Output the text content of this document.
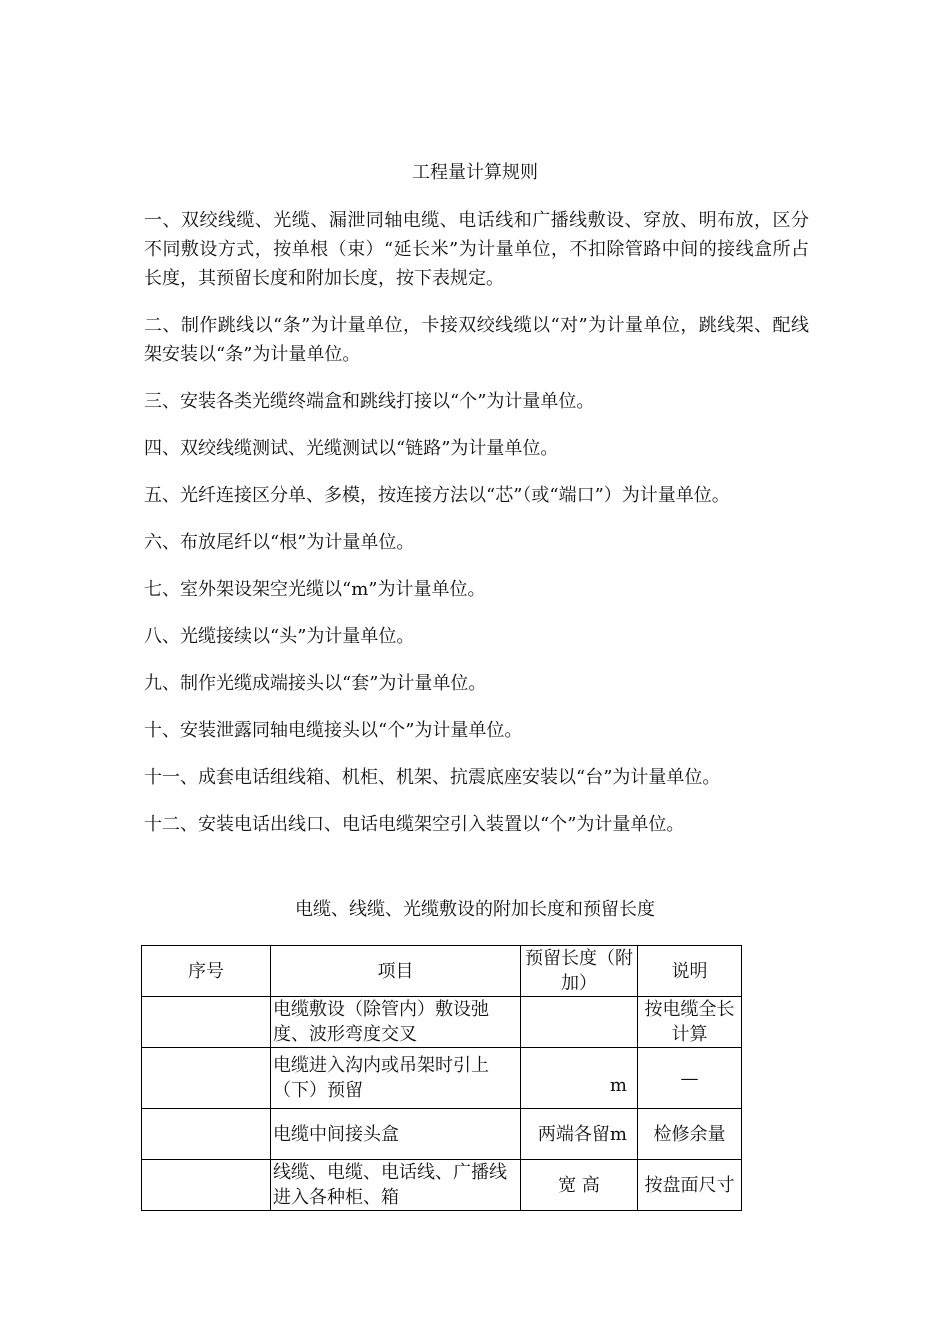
工程量计算规则

一、双绞线缆、光缆、漏泄同轴电缆、电话线和广播线敷设、穿放、明布放，区分不同敷设方式，按单根（束）“延长米”为计量单位，不扣除管路中间的接线盒所占长度，其预留长度和附加长度，按下表规定。

二、制作跳线以“条”为计量单位，卡接双绞线缆以“对”为计量单位，跳线架、配线架安装以“条”为计量单位。

三、安装各类光缆终端盒和跳线打接以“个”为计量单位。

四、双绞线缆测试、光缆测试以“链路”为计量单位。

五、光纤连接区分单、多模，按连接方法以“芯”（或“端口”）为计量单位。

六、布放尾纤以“根”为计量单位。

七、室外架设架空光缆以“m”为计量单位。

八、光缆接续以“头”为计量单位。

九、制作光缆成端接头以“套”为计量单位。

十、安装泄露同轴电缆接头以“个”为计量单位。

十一、成套电话组线箱、机柜、机架、抗震底座安装以“台”为计量单位。

十二、安装电话出线口、电话电缆架空引入装置以“个”为计量单位。

电缆、线缆、光缆敷设的附加长度和预留长度
序号	项目	预留长度（附加）	说明
	电缆敷设（除管内）敷设弛度、波形弯度交叉		按电缆全长计算
	电缆进入沟内或吊架时引上（下）预留	m	—
	电缆中间接头盒	两端各留m	检修余量
	线缆、电缆、电话线、广播线进入各种柜、箱	宽 高	按盘面尺寸
